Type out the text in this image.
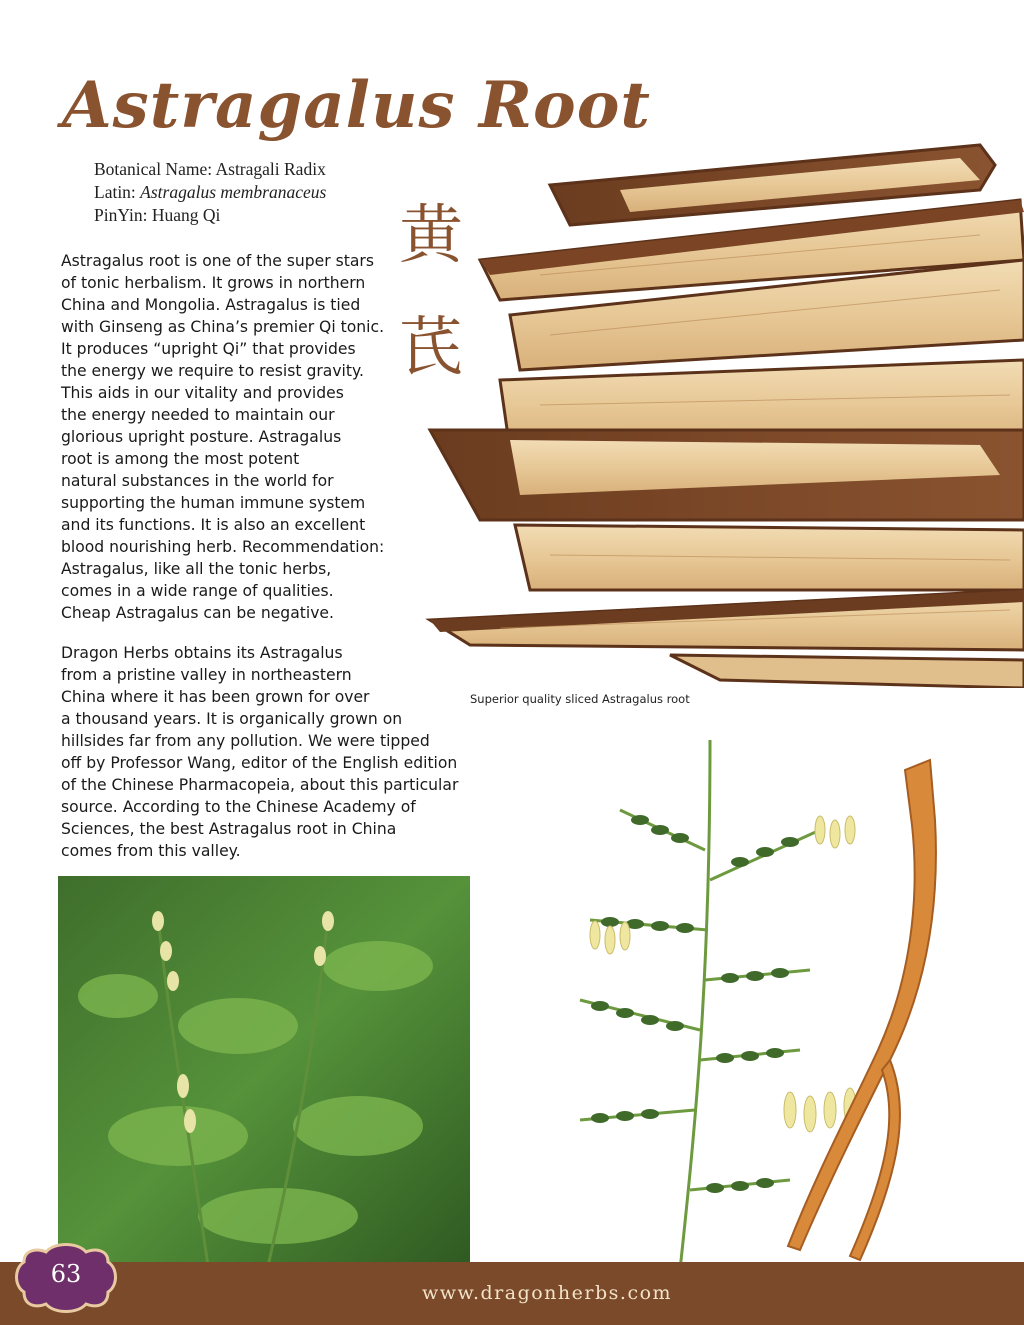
Astragalus Root
Botanical Name: Astragali Radix
Latin: Astragalus membranaceus
PinYin: Huang Qi	黄
芪
Astragalus root is one of the super stars
of tonic herbalism. It grows in northern
China and Mongolia. Astragalus is tied
with Ginseng as China’s premier Qi tonic.
It produces “upright Qi” that provides
the energy we require to resist gravity.
This aids in our vitality and provides
the energy needed to maintain our
glorious upright posture. Astragalus
root is among the most potent
natural substances in the world for
supporting the human immune system
and its functions. It is also an excellent
blood nourishing herb. Recommendation:
Astragalus, like all the tonic herbs,
comes in a wide range of qualities.
Cheap Astragalus can be negative.
Dragon Herbs obtains its Astragalus
from a pristine valley in northeastern
China where it has been grown for over
a thousand years. It is organically grown on
hillsides far from any pollution. We were tipped
off by Professor Wang, editor of the English edition
of the Chinese Pharmacopeia, about this particular
source. According to the Chinese Academy of
Sciences, the best Astragalus root in China
comes from this valley.
Superior quality sliced Astragalus root
www.dragonherbs.com
63
